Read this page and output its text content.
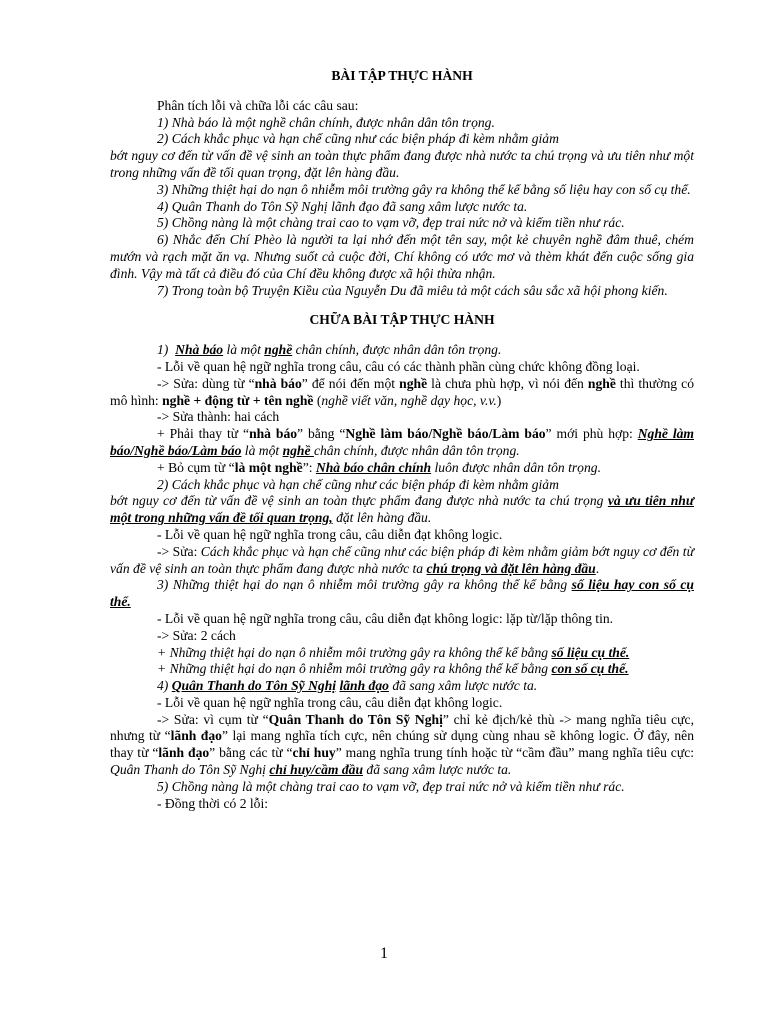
BÀI TẬP THỰC HÀNH

Phân tích lỗi và chữa lỗi các câu sau:

1) Nhà báo là một nghề chân chính, được nhân dân tôn trọng.

2) Cách khắc phục và hạn chế cũng như các biện pháp đi kèm nhằm giảm

bớt nguy cơ đến từ vấn đề vệ sinh an toàn thực phẩm đang được nhà nước ta chú trọng và ưu tiên như một trong những vấn đề tối quan trọng, đặt lên hàng đầu.

3) Những thiệt hại do nạn ô nhiễm môi trường gây ra không thể kể bằng số liệu hay con số cụ thể.

4) Quân Thanh do Tôn Sỹ Nghị lãnh đạo đã sang xâm lược nước ta.

5) Chồng nàng là một chàng trai cao to vạm vỡ, đẹp trai nức nở và kiếm tiền như rác.

6) Nhắc đến Chí Phèo là người ta lại nhớ đến một tên say, một kẻ chuyên nghề đâm thuê, chém mướn và rạch mặt ăn vạ. Nhưng suốt cả cuộc đời, Chí không có ước mơ và thèm khát đến cuộc sống gia đình. Vậy mà tất cả điều đó của Chí đều không được xã hội thừa nhận.

7) Trong toàn bộ Truyện Kiều của Nguyễn Du đã miêu tả một cách sâu sắc xã hội phong kiến.

CHỮA BÀI TẬP THỰC HÀNH

1)  Nhà báo là một nghề chân chính, được nhân dân tôn trọng.

- Lỗi về quan hệ ngữ nghĩa trong câu, câu có các thành phần cùng chức không đồng loại.

-> Sửa: dùng từ “nhà báo” để nói đến một nghề là chưa phù hợp, vì nói đến nghề thì thường có mô hình: nghề + động từ + tên nghề (nghề viết văn, nghề dạy học, v.v.)

-> Sửa thành: hai cách

+ Phải thay từ “nhà báo” bằng “Nghề làm báo/Nghề báo/Làm báo” mới phù hợp: Nghề làm báo/Nghề báo/Làm báo là một nghề chân chính, được nhân dân tôn trọng.

+ Bỏ cụm từ “là một nghề”: Nhà báo chân chính luôn được nhân dân tôn trọng.

2) Cách khắc phục và hạn chế cũng như các biện pháp đi kèm nhằm giảm

bớt nguy cơ đến từ vấn đề vệ sinh an toàn thực phẩm đang được nhà nước ta chú trọng và ưu tiên như một trong những vấn đề tối quan trọng, đặt lên hàng đầu.

- Lỗi về quan hệ ngữ nghĩa trong câu, câu diễn đạt không logic.

-> Sửa: Cách khắc phục và hạn chế cũng như các biện pháp đi kèm nhằm giảm bớt nguy cơ đến từ vấn đề vệ sinh an toàn thực phẩm đang được nhà nước ta chú trọng và đặt lên hàng đầu.

3) Những thiệt hại do nạn ô nhiễm môi trường gây ra không thể kể bằng số liệu hay con số cụ thể.

- Lỗi về quan hệ ngữ nghĩa trong câu, câu diễn đạt không logic: lặp từ/lặp thông tin.

-> Sửa: 2 cách

+ Những thiệt hại do nạn ô nhiễm môi trường gây ra không thể kể bằng số liệu cụ thể.

+ Những thiệt hại do nạn ô nhiễm môi trường gây ra không thể kể bằng con số cụ thể.

4) Quân Thanh do Tôn Sỹ Nghị lãnh đạo đã sang xâm lược nước ta.

- Lỗi về quan hệ ngữ nghĩa trong câu, câu diễn đạt không logic.

-> Sửa: vì cụm từ “Quân Thanh do Tôn Sỹ Nghị” chỉ kẻ địch/kẻ thù -> mang nghĩa tiêu cực, nhưng từ “lãnh đạo” lại mang nghĩa tích cực, nên chúng sử dụng cùng nhau sẽ không logic. Ở đây, nên thay từ “lãnh đạo” bằng các từ “chỉ huy” mang nghĩa trung tính hoặc từ “cầm đầu” mang nghĩa tiêu cực: Quân Thanh do Tôn Sỹ Nghị chỉ huy/cầm đầu đã sang xâm lược nước ta.

5) Chồng nàng là một chàng trai cao to vạm vỡ, đẹp trai nức nở và kiếm tiền như rác.

- Đồng thời có 2 lỗi:

1
